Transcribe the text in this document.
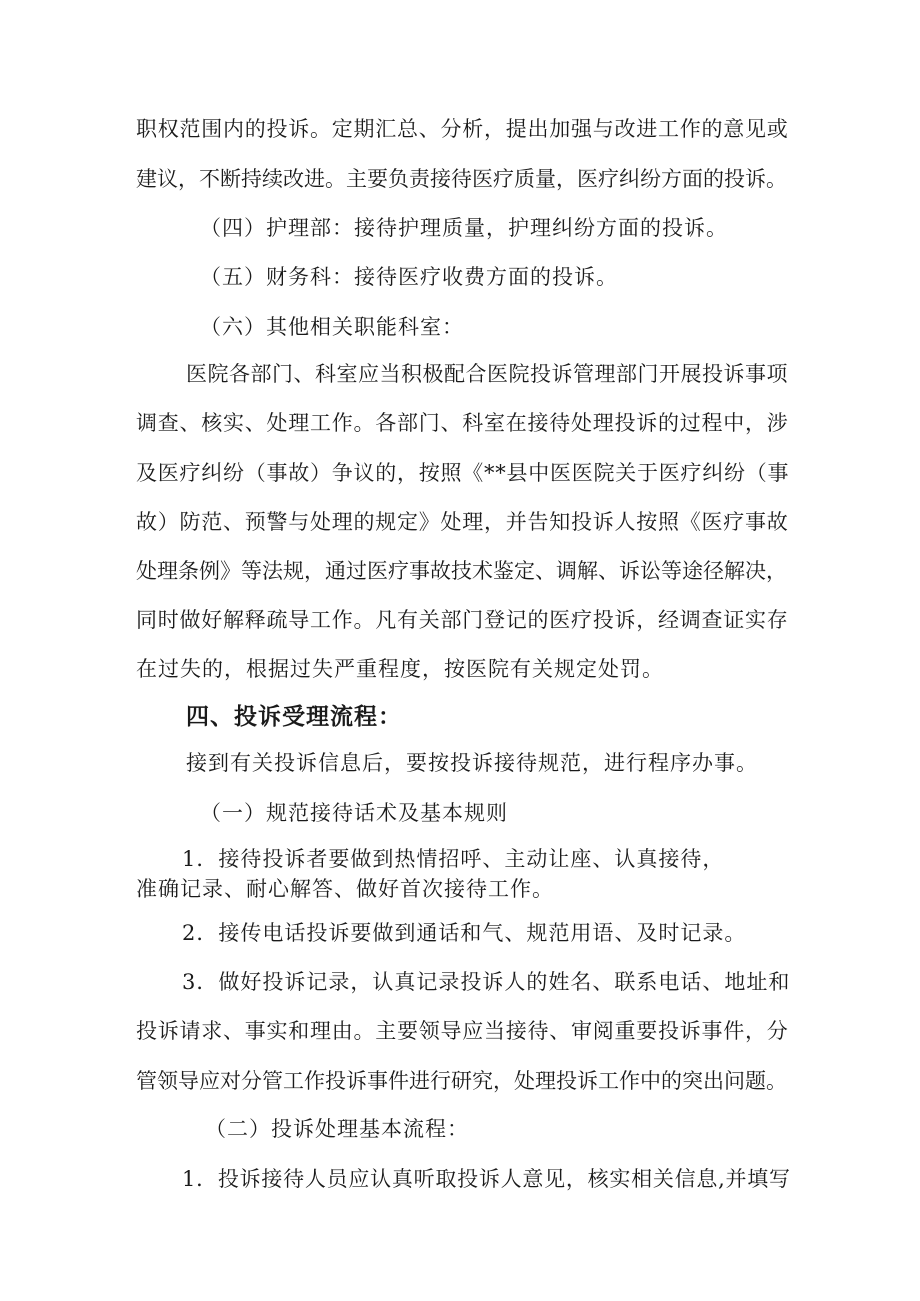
职权范围内的投诉。定期汇总、分析，提出加强与改进工作的意见或
建议，不断持续改进。主要负责接待医疗质量，医疗纠纷方面的投诉。
（四）护理部：接待护理质量，护理纠纷方面的投诉。
（五）财务科：接待医疗收费方面的投诉。
（六）其他相关职能科室：
医院各部门、科室应当积极配合医院投诉管理部门开展投诉事项
调查、核实、处理工作。各部门、科室在接待处理投诉的过程中，涉
及医疗纠纷（事故）争议的，按照《**县中医医院关于医疗纠纷（事
故）防范、预警与处理的规定》处理，并告知投诉人按照《医疗事故
处理条例》等法规，通过医疗事故技术鉴定、调解、诉讼等途径解决，
同时做好解释疏导工作。凡有关部门登记的医疗投诉，经调查证实存
在过失的，根据过失严重程度，按医院有关规定处罚。
四、投诉受理流程：
接到有关投诉信息后，要按投诉接待规范，进行程序办事。
（一）规范接待话术及基本规则
1．接待投诉者要做到热情招呼、主动让座、认真接待，
准确记录、耐心解答、做好首次接待工作。
2．接传电话投诉要做到通话和气、规范用语、及时记录。
3．做好投诉记录，认真记录投诉人的姓名、联系电话、地址和
投诉请求、事实和理由。主要领导应当接待、审阅重要投诉事件，分
管领导应对分管工作投诉事件进行研究，处理投诉工作中的突出问题。
（二）投诉处理基本流程：
1．投诉接待人员应认真听取投诉人意见，核实相关信息,并填写
